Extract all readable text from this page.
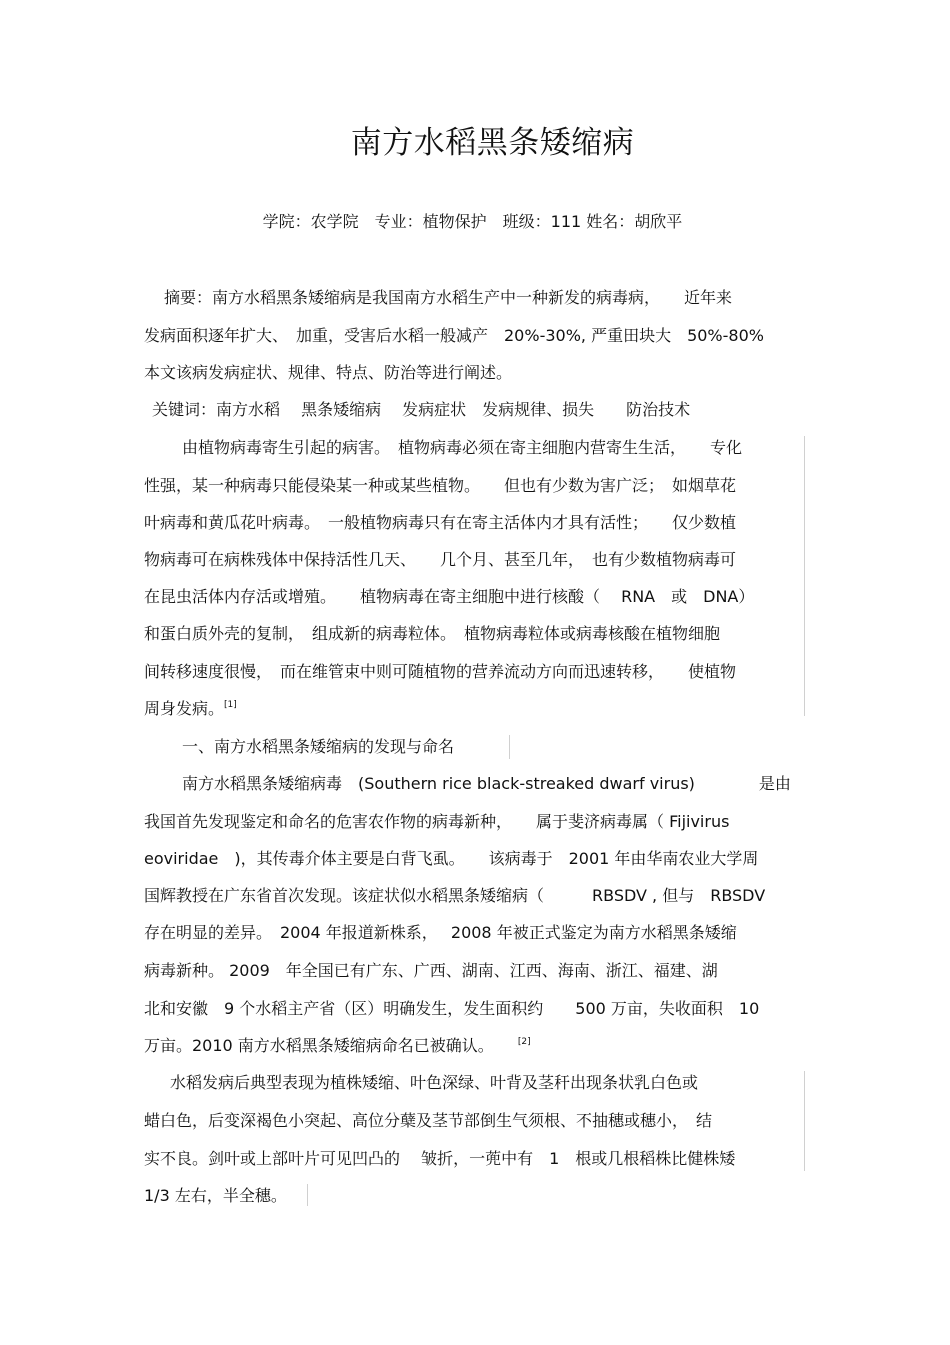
南方水稻黑条矮缩病
学院：农学院　专业：植物保护　班级：111 姓名：胡欣平
摘要：南方水稻黑条矮缩病是我国南方水稻生产中一种新发的病毒病，　　近年来
发病面积逐年扩大、　加重，受害后水稻一般减产　20%-30%, 严重田块大　50%-80%
本文该病发病症状、规律、特点、防治等进行阐述。
关键词：南方水稻　 黑条矮缩病　 发病症状　发病规律、损失　　防治技术
由植物病毒寄生引起的病害。　植物病毒必须在寄主细胞内营寄生生活，　　专化
性强，某一种病毒只能侵染某一种或某些植物。　　但也有少数为害广泛；　如烟草花
叶病毒和黄瓜花叶病毒。　一般植物病毒只有在寄主活体内才具有活性；　　仅少数植
物病毒可在病株残体中保持活性几天、　　几个月、甚至几年，　也有少数植物病毒可
在昆虫活体内存活或增殖。　　植物病毒在寄主细胞中进行核酸（　 RNA　或　DNA）
和蛋白质外壳的复制，　组成新的病毒粒体。　植物病毒粒体或病毒核酸在植物细胞
间转移速度很慢，　而在维管束中则可随植物的营养流动方向而迅速转移，　　使植物
周身发病。[1]
一、南方水稻黑条矮缩病的发现与命名
南方水稻黑条矮缩病毒　(Southern rice black-streaked dwarf virus)　　　　是由
我国首先发现鉴定和命名的危害农作物的病毒新种，　　属于斐济病毒属（ Fijivirus
eoviridae　)，其传毒介体主要是白背飞虱。　　该病毒于　2001 年由华南农业大学周
国辉教授在广东省首次发现。该症状似水稻黑条矮缩病（　　　RBSDV , 但与　RBSDV
存在明显的差异。　2004 年报道新株系，　 2008 年被正式鉴定为南方水稻黑条矮缩
病毒新种。 2009　年全国已有广东、广西、湖南、江西、海南、浙江、福建、湖
北和安徽　9 个水稻主产省（区）明确发生，发生面积约　　500 万亩，失收面积　10
万亩。2010 南方水稻黑条矮缩病命名已被确认。　　	[2]
水稻发病后典型表现为植株矮缩、叶色深绿、叶背及茎秆出现条状乳白色或
蜡白色，后变深褐色小突起、高位分蘖及茎节部倒生气须根、不抽穗或穗小，　结
实不良。剑叶或上部叶片可见凹凸的　 皱折，一蔸中有　1　根或几根稻株比健株矮
1/3 左右，半全穗。
